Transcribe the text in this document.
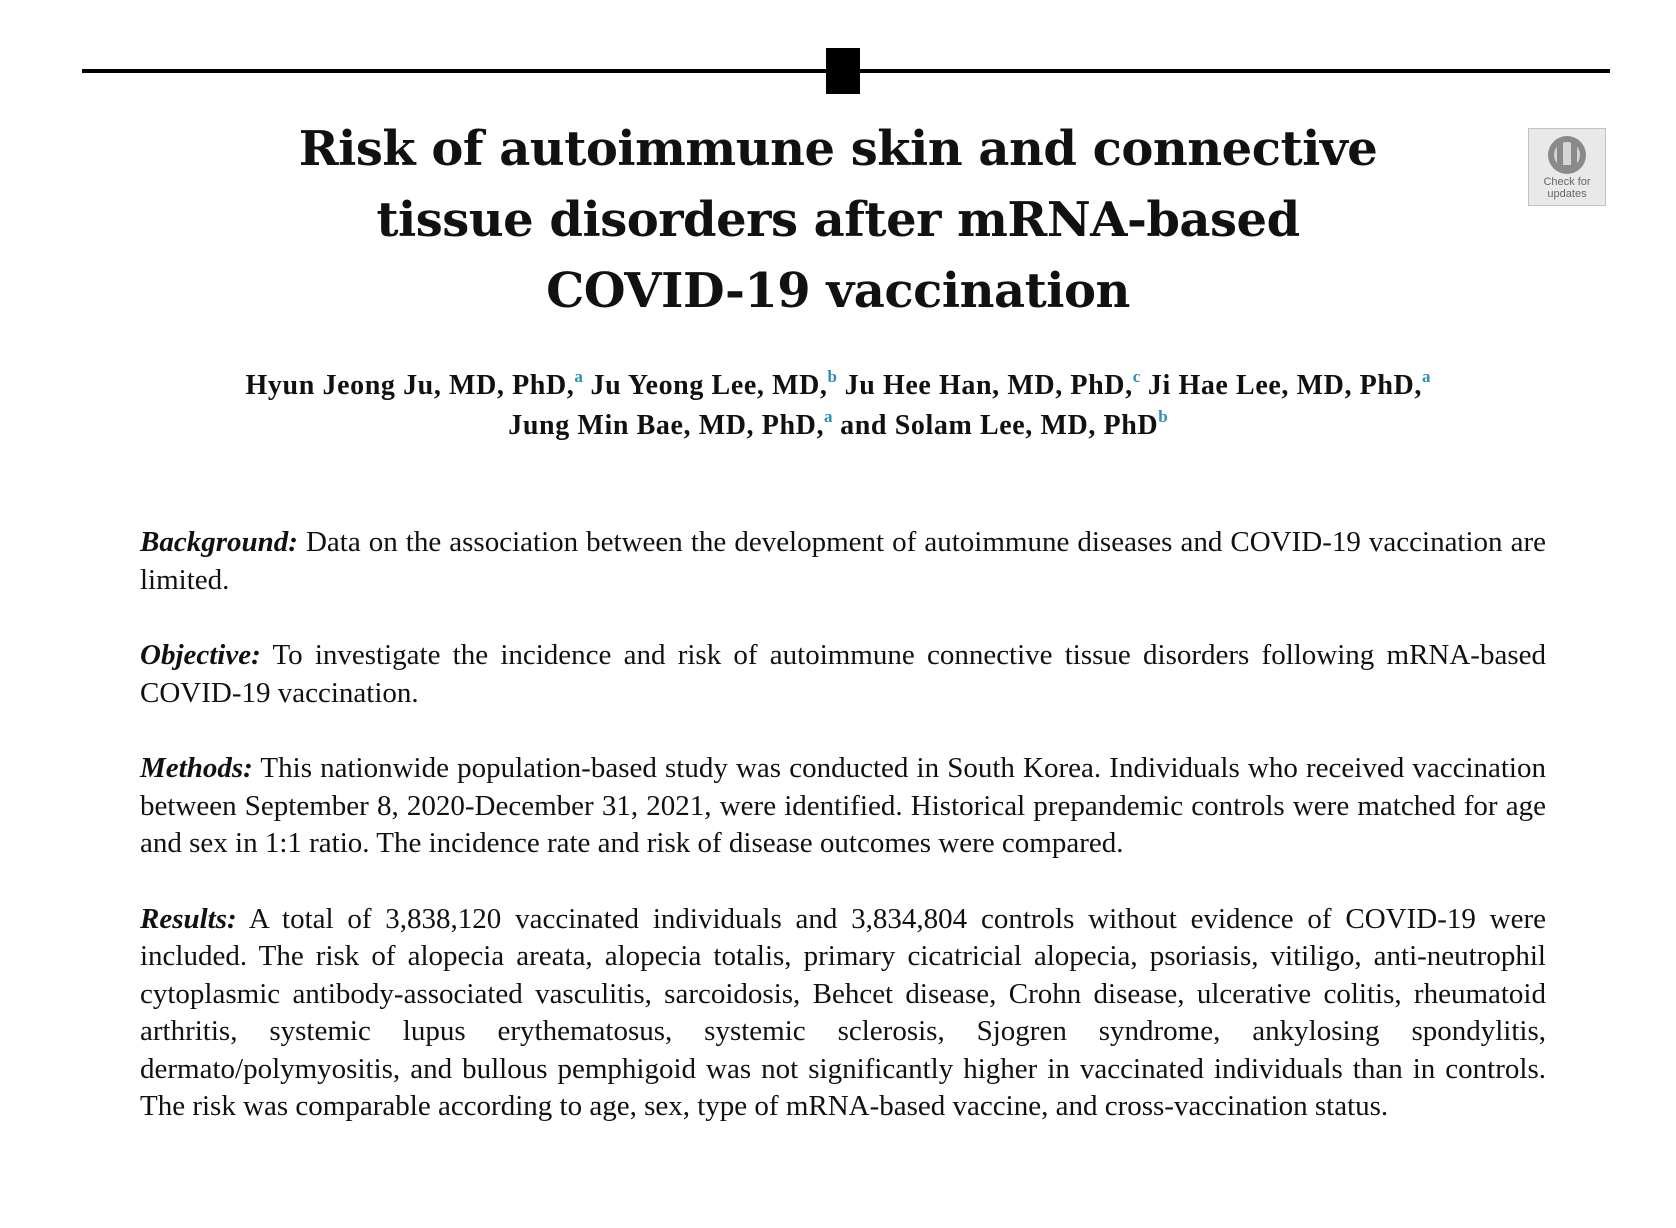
Check for
updates
Risk of autoimmune skin and connective
tissue disorders after mRNA-based
COVID-19 vaccination
Hyun Jeong Ju, MD, PhD,$^a$ Ju Yeong Lee, MD,$^b$ Ju Hee Han, MD, PhD,$^c$ Ji Hae Lee, MD, PhD,$^a$
Jung Min Bae, MD, PhD,$^a$ and Solam Lee, MD, PhD$^b$

Background: Data on the association between the development of autoimmune diseases and COVID-19 vaccination are limited.

Objective: To investigate the incidence and risk of autoimmune connective tissue disorders following mRNA-based COVID-19 vaccination.

Methods: This nationwide population-based study was conducted in South Korea. Individuals who received vaccination between September 8, 2020-December 31, 2021, were identified. Historical prepandemic controls were matched for age and sex in 1:1 ratio. The incidence rate and risk of disease outcomes were compared.

Results: A total of 3,838,120 vaccinated individuals and 3,834,804 controls without evidence of COVID-19 were included. The risk of alopecia areata, alopecia totalis, primary cicatricial alopecia, psoriasis, vitiligo, anti-neutrophil cytoplasmic antibody-associated vasculitis, sarcoidosis, Behcet disease, Crohn disease, ulcerative colitis, rheumatoid arthritis, systemic lupus erythematosus, systemic sclerosis, Sjogren syndrome, ankylosing spondylitis, dermato/polymyositis, and bullous pemphigoid was not significantly higher in vaccinated individuals than in controls. The risk was comparable according to age, sex, type of mRNA-based vaccine, and cross-vaccination status.
